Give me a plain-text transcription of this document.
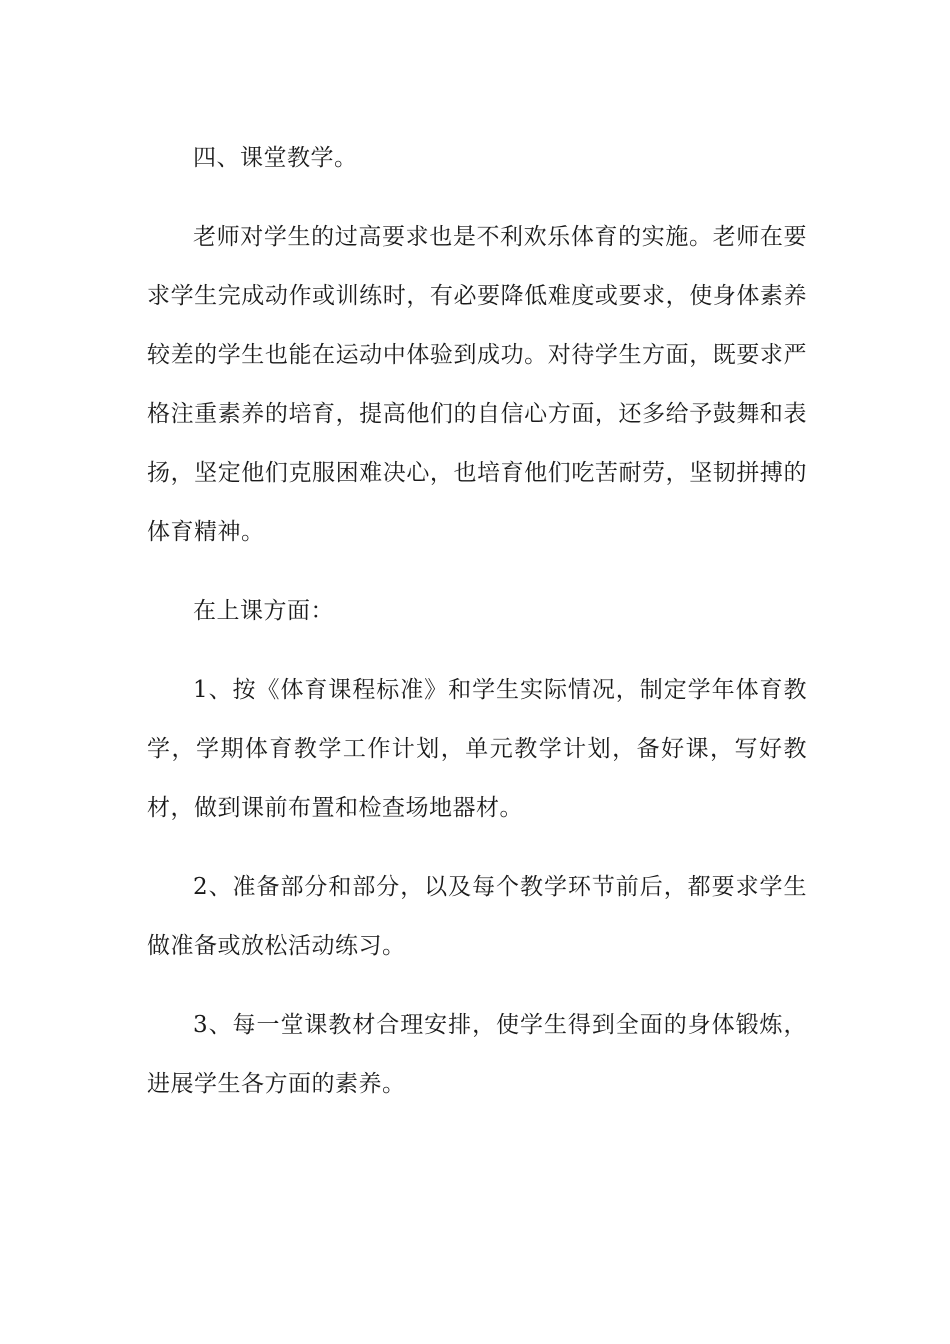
四、课堂教学。

老师对学生的过高要求也是不利欢乐体育的实施。老师在要求学生完成动作或训练时，有必要降低难度或要求，使身体素养较差的学生也能在运动中体验到成功。对待学生方面，既要求严格注重素养的培育，提高他们的自信心方面，还多给予鼓舞和表扬，坚定他们克服困难决心，也培育他们吃苦耐劳，坚韧拼搏的体育精神。

在上课方面：

1、按《体育课程标准》和学生实际情况，制定学年体育教学，学期体育教学工作计划，单元教学计划，备好课，写好教材，做到课前布置和检查场地器材。

2、准备部分和部分，以及每个教学环节前后，都要求学生做准备或放松活动练习。

3、每一堂课教材合理安排，使学生得到全面的身体锻炼，进展学生各方面的素养。
